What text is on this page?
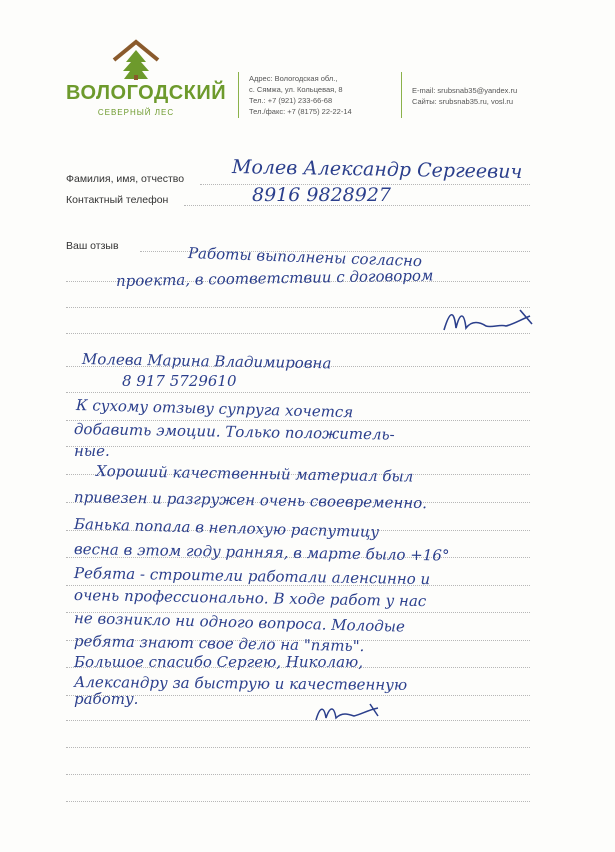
ВОЛОГОДСКИЙ
СЕВЕРНЫЙ ЛЕС
Адрес: Вологодская обл.,
с. Сямжа, ул. Кольцевая, 8
Тел.: +7 (921) 233-66-68
Тел./факс: +7 (8175) 22-22-14
E-mail: srubsnab35@yandex.ru
Сайты: srubsnab35.ru, vosl.ru
Фамилия, имя, отчество
Контактный телефон
Ваш отзыв
Молев Александр Сергеевич
8916 9828927
Работы выполнены согласно
проекта, в соответствии с договором
Молева Марина Владимировна
8 917 5729610
К сухому отзыву супруга хочется
добавить эмоции. Только положитель-
ные.
Хороший качественный материал был
привезен и разгружен очень своевременно.
Банька попала в неплохую распутицу
весна в этом году ранняя, в марте было +16°
Ребята - строители работали аленсинно и
очень профессионально. В ходе работ у нас
не возникло ни одного вопроса. Молодые
ребята знают свое дело на "пять".
Большое спасибо Сергею, Николаю,
Александру за быструю и качественную
работу.
